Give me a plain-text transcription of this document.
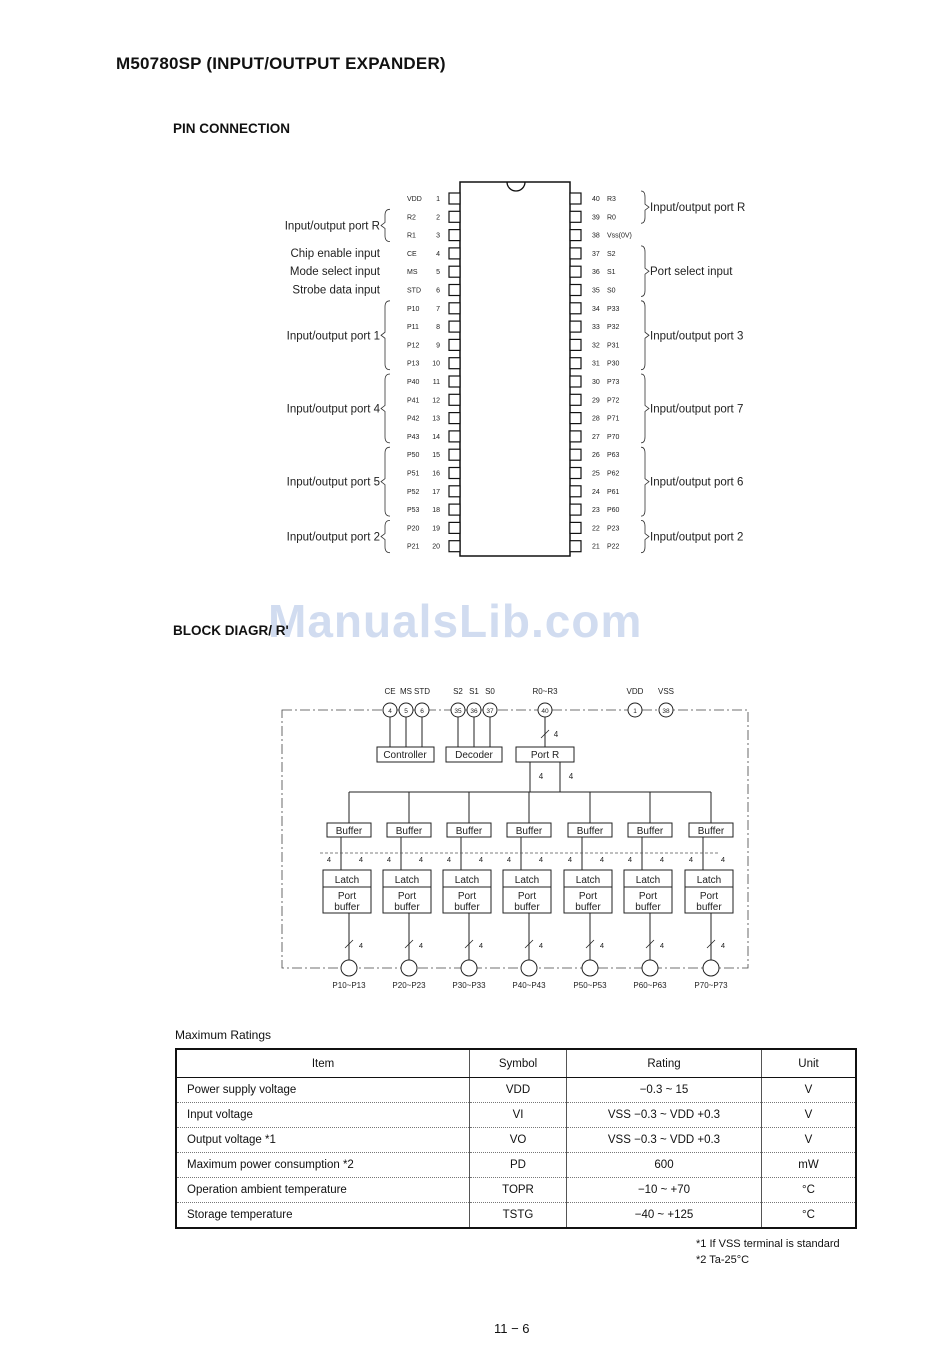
M50780SP (INPUT/OUTPUT EXPANDER)
PIN CONNECTION
1
VDD
2
R2
3
R1
4
CE
5
MS
6
STD
7
P10
8
P11
9
P12
10
P13
11
P40
12
P41
13
P42
14
P43
15
P50
16
P51
17
P52
18
P53
19
P20
20
P21
40 R3
39 R0
38 Vss(0V)
37 S2
36 S1
35 S0
34 P33
33 P32
32 P31
31 P30
30 P73
29 P72
28 P71
27 P70
26 P63
25 P62
24 P61
23 P60
22 P23
21 P22
Input/output port R
Chip enable input
Mode select input
Strobe data input
Input/output port 1
Input/output port 4
Input/output port 5
Input/output port 2
Input/output port R
Port select input
Input/output port 3
Input/output port 7
Input/output port 6
Input/output port 2
ManualsLib.com
BLOCK DIAGR/ R'
CE MS STD	S2 S1 S0	R0~R3	VDD VSS
4 5 6	35 36 37	40	1	38
Controller	Decoder	Port R
4
4	4
Buffer
4	4
Latch
Port
buffer
4
P10~P13
Buffer
4	4
Latch
Port
buffer
4
P20~P23
Buffer
4	4
Latch
Port
buffer
4
P30~P33
Buffer
4	4
Latch
Port
buffer
4
P40~P43
Buffer
4	4
Latch
Port
buffer
4
P50~P53
Buffer
4	4
Latch
Port
buffer
4
P60~P63
Buffer
4	4
Latch
Port
buffer
4
P70~P73
Maximum Ratings
Item	Symbol	Rating	Unit
Power supply voltage	VDD	−0.3 ~ 15	V
Input voltage	VI	VSS −0.3 ~ VDD +0.3	V
Output voltage *1	VO	VSS −0.3 ~ VDD +0.3	V
Maximum power consumption *2	PD	600	mW
Operation ambient temperature	TOPR	−10 ~ +70	°C
Storage temperature	TSTG	−40 ~ +125	°C
*1 If VSS terminal is standard
*2 Ta-25°C
11 − 6
